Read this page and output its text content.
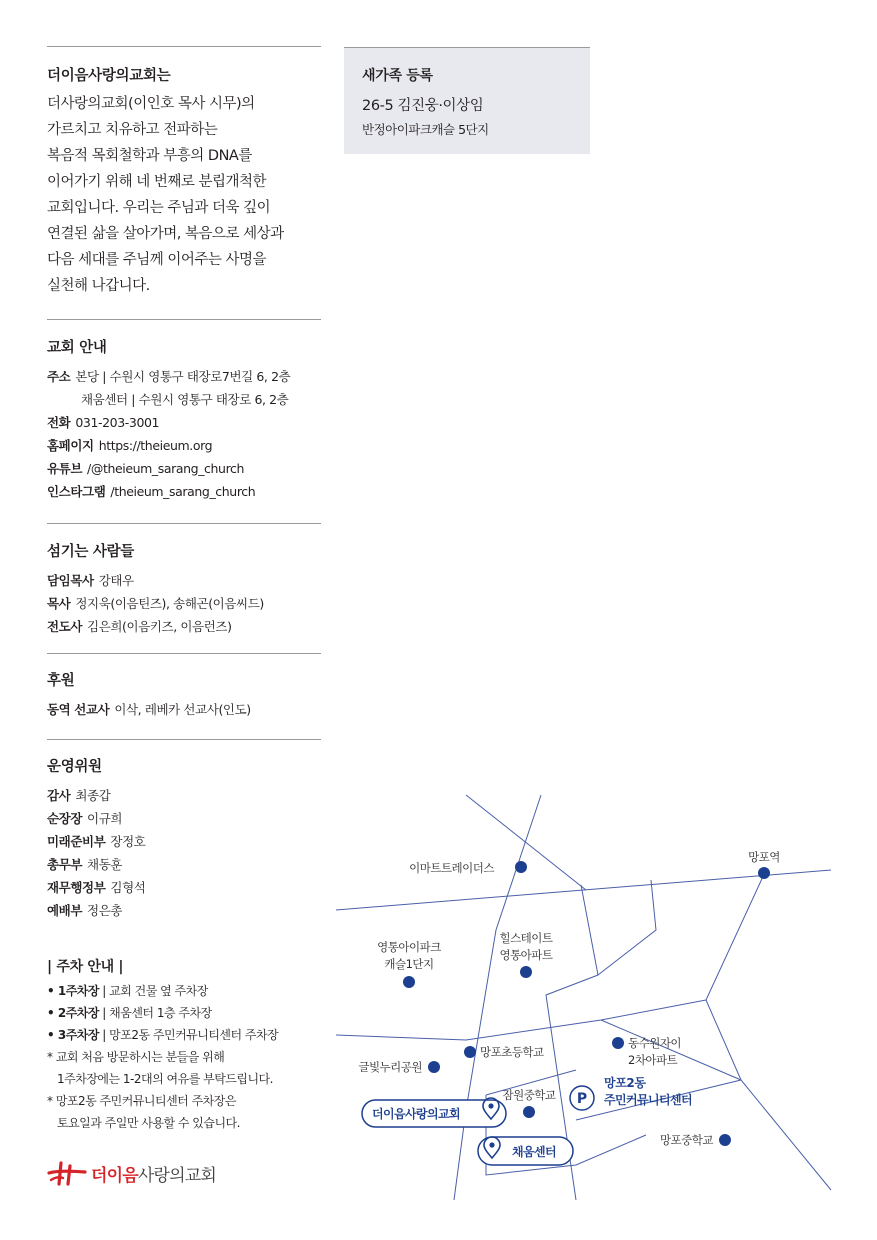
더이음사랑의교회는
더사랑의교회(이인호 목사 시무)의
가르치고 치유하고 전파하는
복음적 목회철학과 부흥의 DNA를
이어가기 위해 네 번째로 분립개척한
교회입니다. 우리는 주님과 더욱 깊이
연결된 삶을 살아가며, 복음으로 세상과
다음 세대를 주님께 이어주는 사명을
실천해 나갑니다.
교회 안내
주소 본당 | 수원시 영통구 태장로7번길 6, 2층
채움센터 | 수원시 영통구 태장로 6, 2층
전화 031-203-3001
홈페이지 https://theieum.org
유튜브 /@theieum_sarang_church
인스타그램 /theieum_sarang_church
섬기는 사람들
담임목사 강태우
목사 정지욱(이음틴즈), 송해곤(이음씨드)
전도사 김은희(이음키즈, 이음런즈)
후원
동역 선교사 이삭, 레베카 선교사(인도)
운영위원
감사 최종갑
순장장 이규희
미래준비부 장정호
총무부 채동훈
재무행정부 김형석
예배부 정은총
| 주차 안내 |
• 1주차장 | 교회 건물 옆 주차장
• 2주차장 | 채움센터 1층 주차장
• 3주차장 | 망포2동 주민커뮤니티센터 주차장
* 교회 처음 방문하시는 분들을 위해
1주차장에는 1-2대의 여유를 부탁드립니다.
* 망포2동 주민커뮤니티센터 주차장은
토요일과 주일만 사용할 수 있습니다.
더이음사랑의교회
새가족 등록
26-5 김진웅·이상임
반정아이파크캐슬 5단지
이마트트레이더스
망포역
영통아이파크
캐슬1단지
힐스테이트
영통아파트
망포초등학교
동수원자이
2차아파트
글빛누리공원
잠원중학교
망포중학교
P
망포2동
주민커뮤니티센터
더이음사랑의교회
채움센터
